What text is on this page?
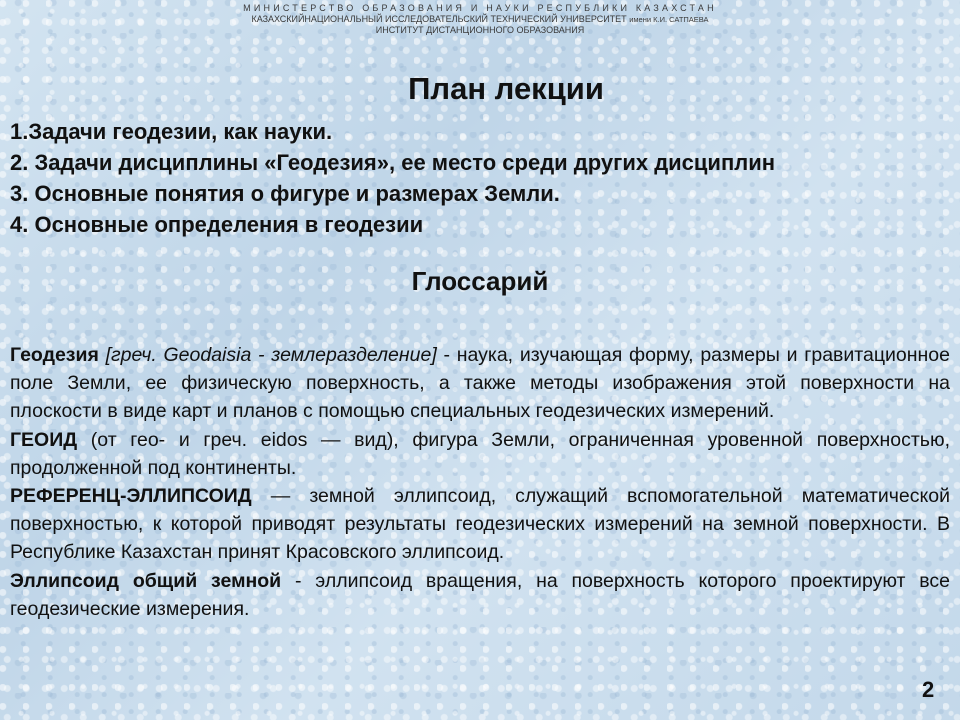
МИНИСТЕРСТВО ОБРАЗОВАНИЯ И НАУКИ РЕСПУБЛИКИ КАЗАХСТАН
КАЗАХСКИЙНАЦИОНАЛЬНЫЙ ИССЛЕДОВАТЕЛЬСКИЙ ТЕХНИЧЕСКИЙ УНИВЕРСИТЕТ имени К.И. САТПАЕВА
ИНСТИТУТ ДИСТАНЦИОННОГО ОБРАЗОВАНИЯ
План лекции
1.Задачи геодезии, как науки.
2. Задачи дисциплины «Геодезия», ее место среди других дисциплин
3. Основные понятия о фигуре и размерах Земли.
4. Основные определения в геодезии
Глоссарий

Геодезия [греч. Geodaisia - землеразделение] - наука, изучающая форму, размеры и гравитационное поле Земли, ее физическую поверхность, а также методы изображения этой поверхности на плоскости в виде карт и планов с помощью специальных геодезических измерений.

ГЕОИД (от гео- и греч. eidos — вид), фигура Земли, ограниченная уровенной поверхностью, продолженной под континенты.

РЕФЕРЕНЦ-ЭЛЛИПСОИД — земной эллипсоид, служащий вспомогательной математической поверхностью, к которой приводят результаты геодезических измерений на земной поверхности. В Республике Казахстан принят Красовского эллипсоид.

Эллипсоид общий земной - эллипсоид вращения, на поверхность которого проектируют все геодезические измерения.

2
